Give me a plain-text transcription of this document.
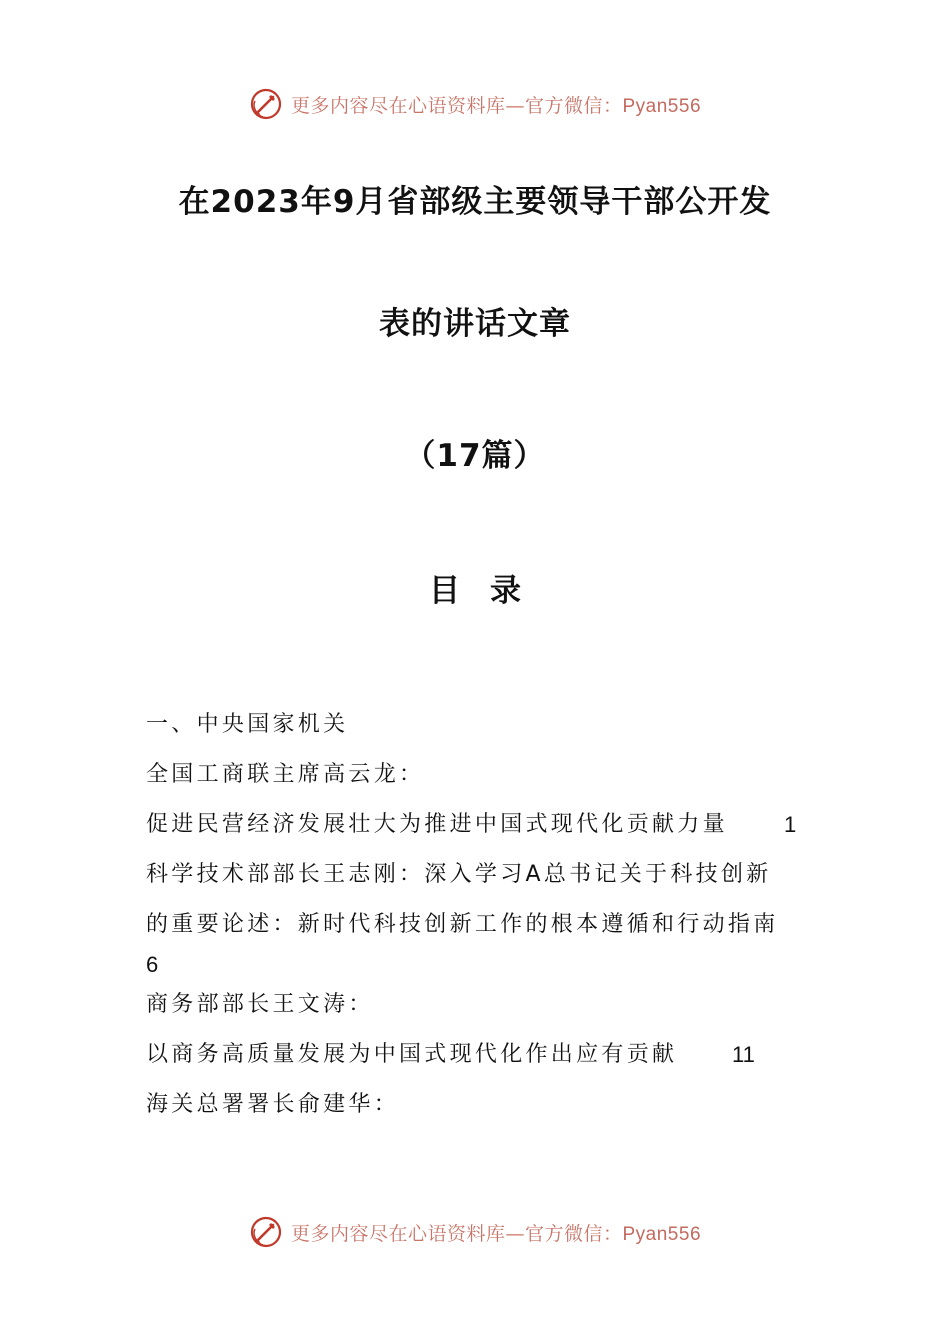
更多内容尽在心语资料库—官方微信：Pyan556
在2023年9月省部级主要领导干部公开发
表的讲话文章
（17篇）
目录
一、中央国家机关
全国工商联主席高云龙：
促进民营经济发展壮大为推进中国式现代化贡献力量	1
科学技术部部长王志刚：深入学习A总书记关于科技创新
的重要论述：新时代科技创新工作的根本遵循和行动指南
6
商务部部长王文涛：
以商务高质量发展为中国式现代化作出应有贡献 11
海关总署署长俞建华：
更多内容尽在心语资料库—官方微信：Pyan556
